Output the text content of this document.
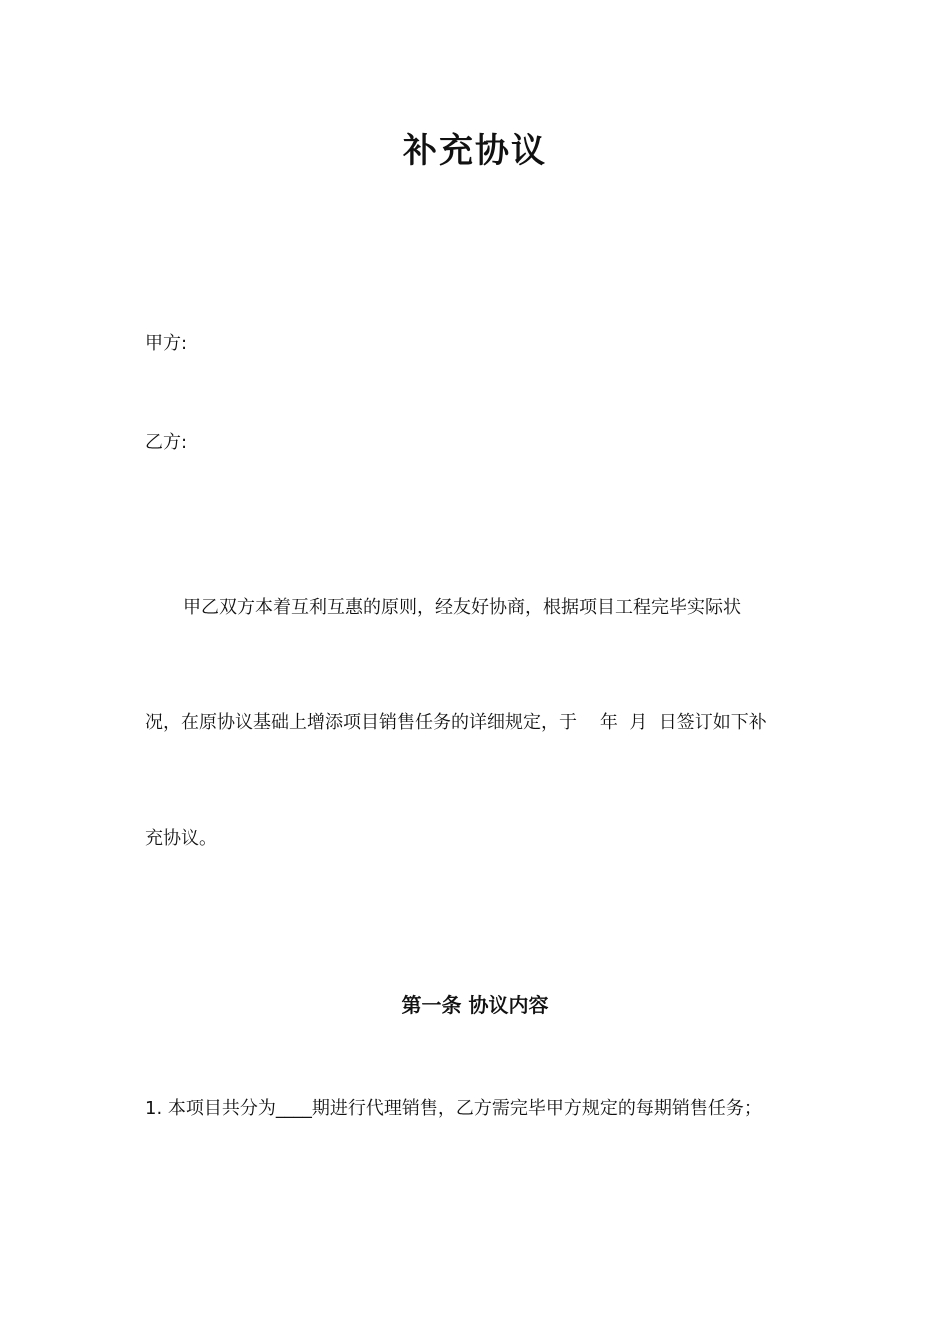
补充协议
甲方:
乙方:
甲乙双方本着互利互惠的原则，经友好协商，根据项目工程完毕实际状
况，在原协议基础上增添项目销售任务的详细规定，于    年  月  日签订如下补
充协议。
第一条 协议内容
1. 本项目共分为____期进行代理销售，乙方需完毕甲方规定的每期销售任务；
